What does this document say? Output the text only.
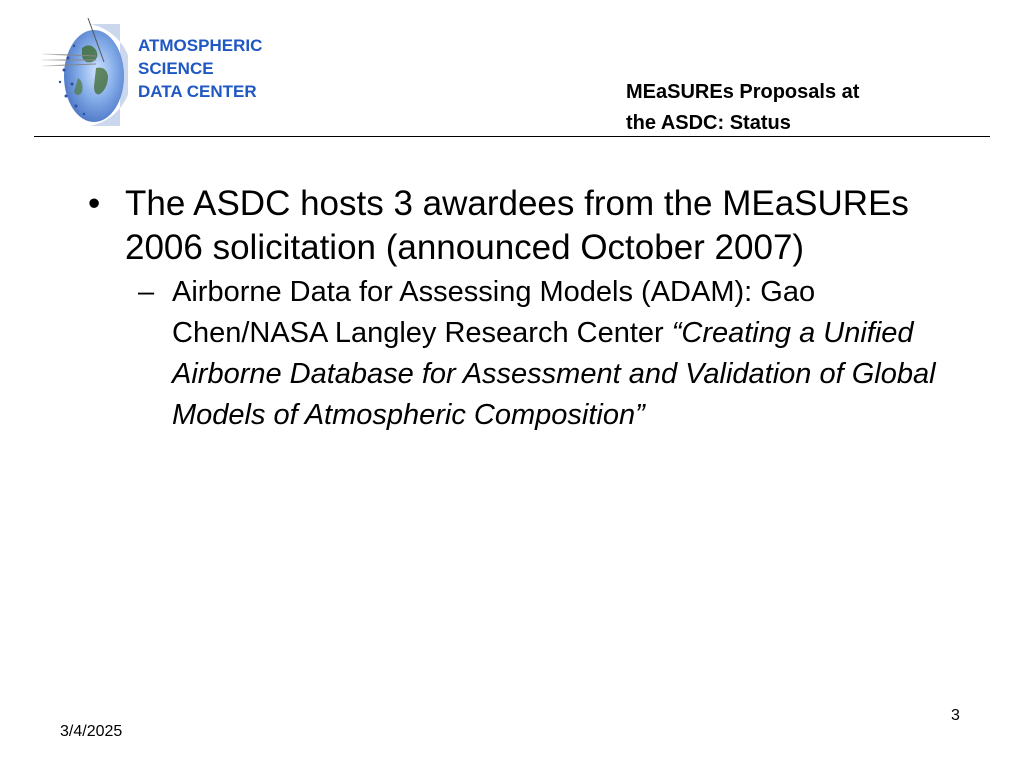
ATMOSPHERIC
SCIENCE
DATA CENTER	MEaSUREs Proposals at
the ASDC: Status
• The ASDC hosts 3 awardees from the MEaSUREs 2006 solicitation (announced October 2007)
– Airborne Data for Assessing Models (ADAM): Gao Chen/NASA Langley Research Center “Creating a Unified Airborne Database for Assessment and Validation of Global Models of Atmospheric Composition”
3/4/2025
3
